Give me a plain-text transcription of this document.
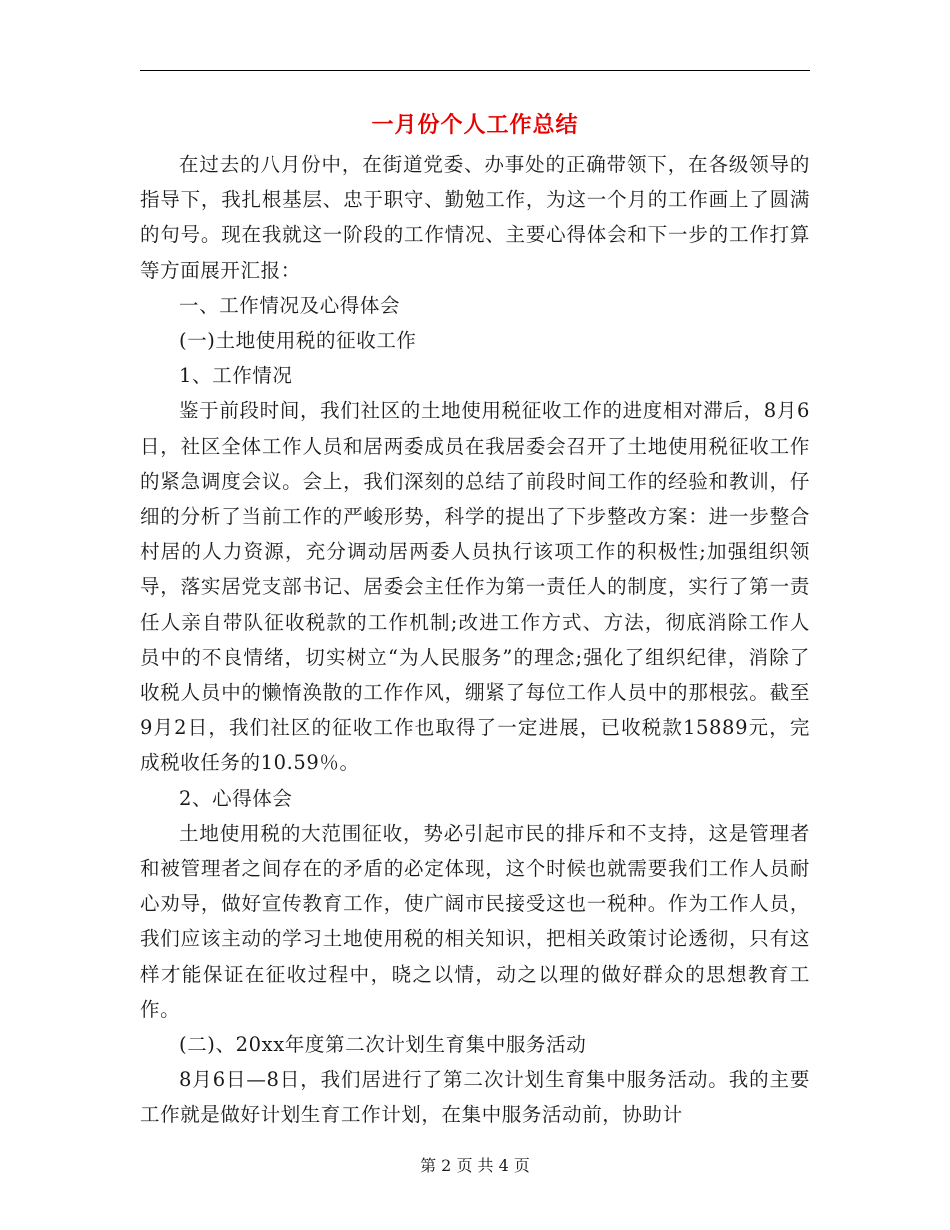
一月份个人工作总结

在过去的八月份中，在街道党委、办事处的正确带领下，在各级领导的指导下，我扎根基层、忠于职守、勤勉工作，为这一个月的工作画上了圆满的句号。现在我就这一阶段的工作情况、主要心得体会和下一步的工作打算等方面展开汇报：

一、工作情况及心得体会

(一)土地使用税的征收工作

1、工作情况

鉴于前段时间，我们社区的土地使用税征收工作的进度相对滞后，8月6日，社区全体工作人员和居两委成员在我居委会召开了土地使用税征收工作的紧急调度会议。会上，我们深刻的总结了前段时间工作的经验和教训，仔细的分析了当前工作的严峻形势，科学的提出了下步整改方案：进一步整合村居的人力资源，充分调动居两委人员执行该项工作的积极性;加强组织领导，落实居党支部书记、居委会主任作为第一责任人的制度，实行了第一责任人亲自带队征收税款的工作机制;改进工作方式、方法，彻底消除工作人员中的不良情绪，切实树立“为人民服务”的理念;强化了组织纪律，消除了收税人员中的懒惰涣散的工作作风，绷紧了每位工作人员中的那根弦。截至9月2日，我们社区的征收工作也取得了一定进展，已收税款15889元，完成税收任务的10.59％。

2、心得体会

土地使用税的大范围征收，势必引起市民的排斥和不支持，这是管理者和被管理者之间存在的矛盾的必定体现，这个时候也就需要我们工作人员耐心劝导，做好宣传教育工作，使广阔市民接受这也一税种。作为工作人员，我们应该主动的学习土地使用税的相关知识，把相关政策讨论透彻，只有这样才能保证在征收过程中，晓之以情，动之以理的做好群众的思想教育工作。

(二)、20xx年度第二次计划生育集中服务活动

8月6日—8日，我们居进行了第二次计划生育集中服务活动。我的主要工作就是做好计划生育工作计划，在集中服务活动前，协助计

第 2 页 共 4 页
